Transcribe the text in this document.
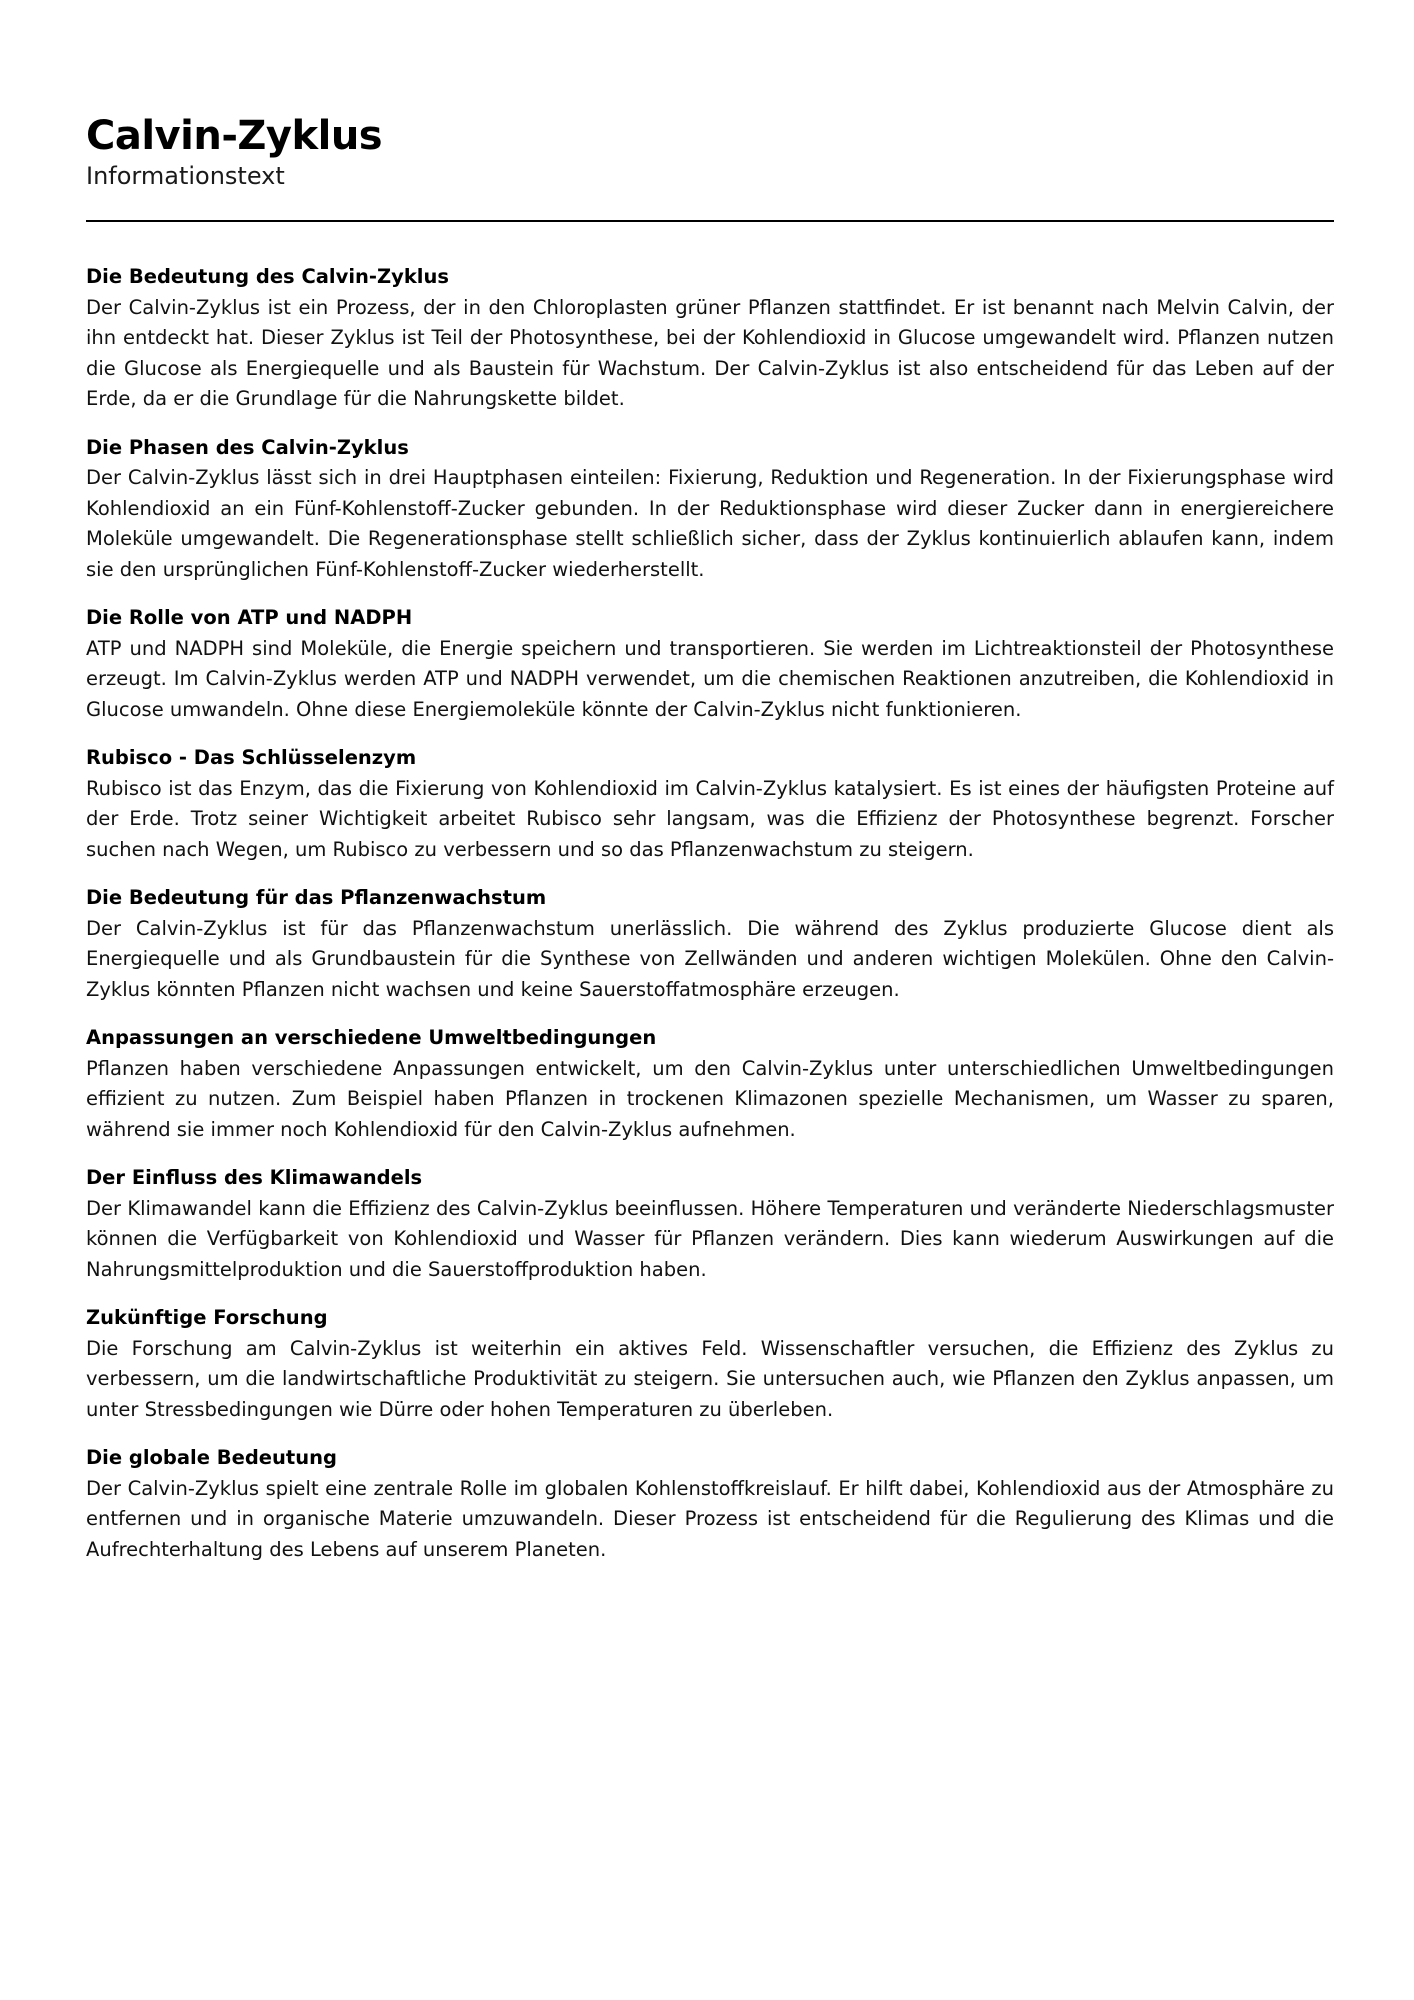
Calvin-Zyklus

Informationstext

Die Bedeutung des Calvin-Zyklus

Der Calvin-Zyklus ist ein Prozess, der in den Chloroplasten grüner Pflanzen stattfindet. Er ist benannt nach Melvin Calvin, der ihn entdeckt hat. Dieser Zyklus ist Teil der Photosynthese, bei der Kohlendioxid in Glucose umgewandelt wird. Pflanzen nutzen die Glucose als Energiequelle und als Baustein für Wachstum. Der Calvin-Zyklus ist also entscheidend für das Leben auf der Erde, da er die Grundlage für die Nahrungskette bildet.

Die Phasen des Calvin-Zyklus

Der Calvin-Zyklus lässt sich in drei Hauptphasen einteilen: Fixierung, Reduktion und Regeneration. In der Fixierungsphase wird Kohlendioxid an ein Fünf-Kohlenstoff-Zucker gebunden. In der Reduktionsphase wird dieser Zucker dann in energiereichere Moleküle umgewandelt. Die Regenerationsphase stellt schließlich sicher, dass der Zyklus kontinuierlich ablaufen kann, indem sie den ursprünglichen Fünf-Kohlenstoff-Zucker wiederherstellt.

Die Rolle von ATP und NADPH

ATP und NADPH sind Moleküle, die Energie speichern und transportieren. Sie werden im Lichtreaktionsteil der Photosynthese erzeugt. Im Calvin-Zyklus werden ATP und NADPH verwendet, um die chemischen Reaktionen anzutreiben, die Kohlendioxid in Glucose umwandeln. Ohne diese Energiemoleküle könnte der Calvin-Zyklus nicht funktionieren.

Rubisco - Das Schlüsselenzym

Rubisco ist das Enzym, das die Fixierung von Kohlendioxid im Calvin-Zyklus katalysiert. Es ist eines der häufigsten Proteine auf der Erde. Trotz seiner Wichtigkeit arbeitet Rubisco sehr langsam, was die Effizienz der Photosynthese begrenzt. Forscher suchen nach Wegen, um Rubisco zu verbessern und so das Pflanzenwachstum zu steigern.

Die Bedeutung für das Pflanzenwachstum

Der Calvin-Zyklus ist für das Pflanzenwachstum unerlässlich. Die während des Zyklus produzierte Glucose dient als Energiequelle und als Grundbaustein für die Synthese von Zellwänden und anderen wichtigen Molekülen. Ohne den Calvin-Zyklus könnten Pflanzen nicht wachsen und keine Sauerstoffatmosphäre erzeugen.

Anpassungen an verschiedene Umweltbedingungen

Pflanzen haben verschiedene Anpassungen entwickelt, um den Calvin-Zyklus unter unterschiedlichen Umweltbedingungen effizient zu nutzen. Zum Beispiel haben Pflanzen in trockenen Klimazonen spezielle Mechanismen, um Wasser zu sparen, während sie immer noch Kohlendioxid für den Calvin-Zyklus aufnehmen.

Der Einfluss des Klimawandels

Der Klimawandel kann die Effizienz des Calvin-Zyklus beeinflussen. Höhere Temperaturen und veränderte Niederschlagsmuster können die Verfügbarkeit von Kohlendioxid und Wasser für Pflanzen verändern. Dies kann wiederum Auswirkungen auf die Nahrungsmittelproduktion und die Sauerstoffproduktion haben.

Zukünftige Forschung

Die Forschung am Calvin-Zyklus ist weiterhin ein aktives Feld. Wissenschaftler versuchen, die Effizienz des Zyklus zu verbessern, um die landwirtschaftliche Produktivität zu steigern. Sie untersuchen auch, wie Pflanzen den Zyklus anpassen, um unter Stressbedingungen wie Dürre oder hohen Temperaturen zu überleben.

Die globale Bedeutung

Der Calvin-Zyklus spielt eine zentrale Rolle im globalen Kohlenstoffkreislauf. Er hilft dabei, Kohlendioxid aus der Atmosphäre zu entfernen und in organische Materie umzuwandeln. Dieser Prozess ist entscheidend für die Regulierung des Klimas und die Aufrechterhaltung des Lebens auf unserem Planeten.
